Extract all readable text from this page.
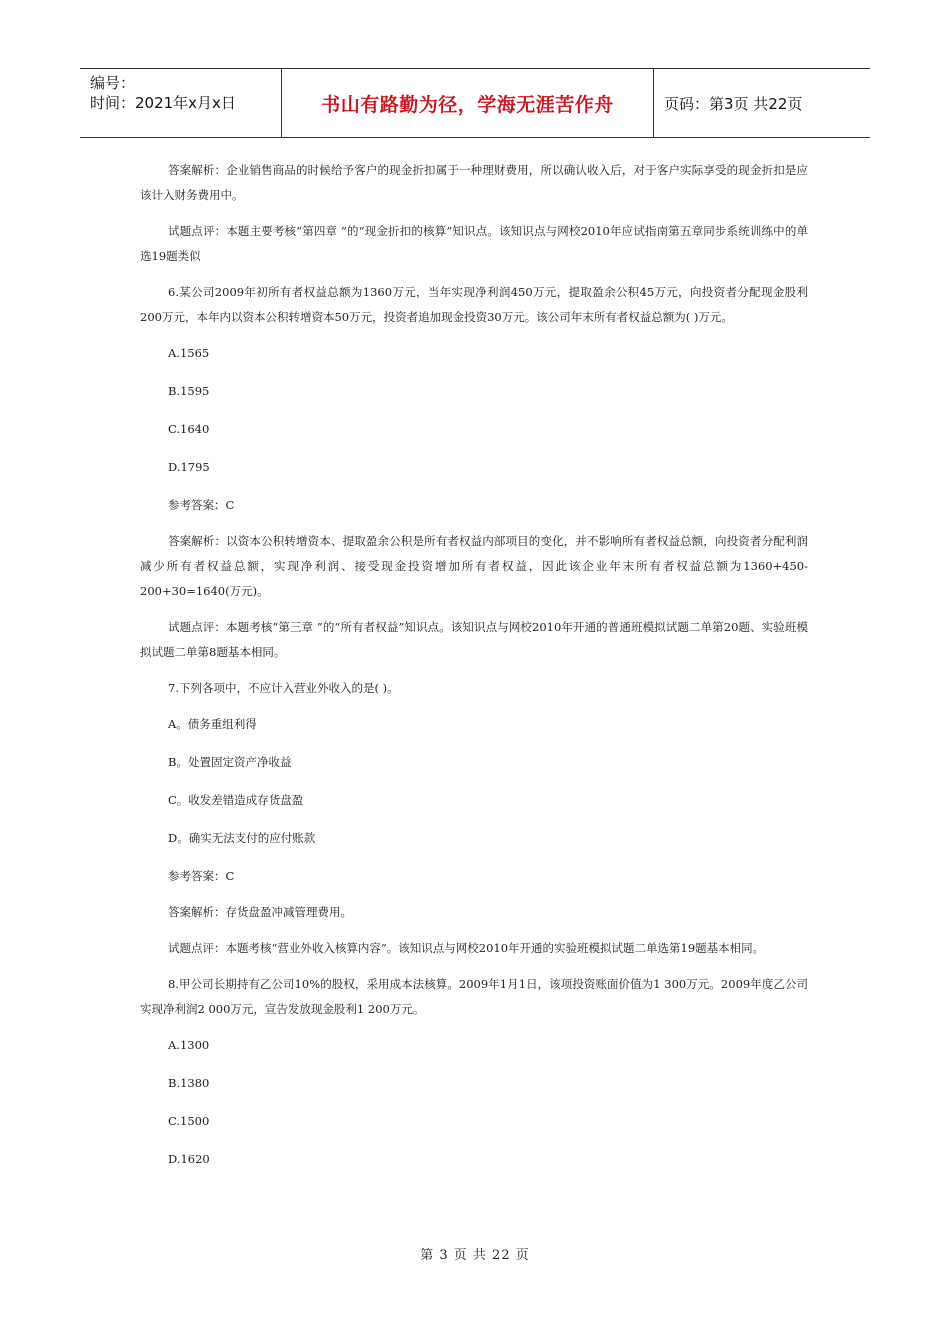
编号：
时间：2021年x月x日	书山有路勤为径，学海无涯苦作舟	页码：第3页 共22页

答案解析：企业销售商品的时候给予客户的现金折扣属于一种理财费用，所以确认收入后，对于客户实际享受的现金折扣是应该计入财务费用中。

试题点评：本题主要考核“第四章 ”的“现金折扣的核算”知识点。该知识点与网校2010年应试指南第五章同步系统训练中的单选19题类似

6.某公司2009年初所有者权益总额为1360万元，当年实现净利润450万元，提取盈余公积45万元，向投资者分配现金股利200万元，本年内以资本公积转增资本50万元，投资者追加现金投资30万元。该公司年末所有者权益总额为( )万元。

A.1565

B.1595

C.1640

D.1795

参考答案：C

答案解析：以资本公积转增资本、提取盈余公积是所有者权益内部项目的变化，并不影响所有者权益总额，向投资者分配利润减少所有者权益总额，实现净利润、接受现金投资增加所有者权益，因此该企业年末所有者权益总额为1360+450-200+30=1640(万元)。

试题点评：本题考核“第三章 ”的“所有者权益”知识点。该知识点与网校2010年开通的普通班模拟试题二单第20题、实验班模拟试题二单第8题基本相同。

7.下列各项中，不应计入营业外收入的是( )。

A。债务重组利得

B。处置固定资产净收益

C。收发差错造成存货盘盈

D。确实无法支付的应付账款

参考答案：C

答案解析：存货盘盈冲减管理费用。

试题点评：本题考核“营业外收入核算内容”。该知识点与网校2010年开通的实验班模拟试题二单选第19题基本相同。

8.甲公司长期持有乙公司10%的股权，采用成本法核算。2009年1月1日，该项投资账面价值为1 300万元。2009年度乙公司实现净利润2 000万元，宣告发放现金股利1 200万元。

A.1300

B.1380

C.1500

D.1620

第 3 页 共 22 页
